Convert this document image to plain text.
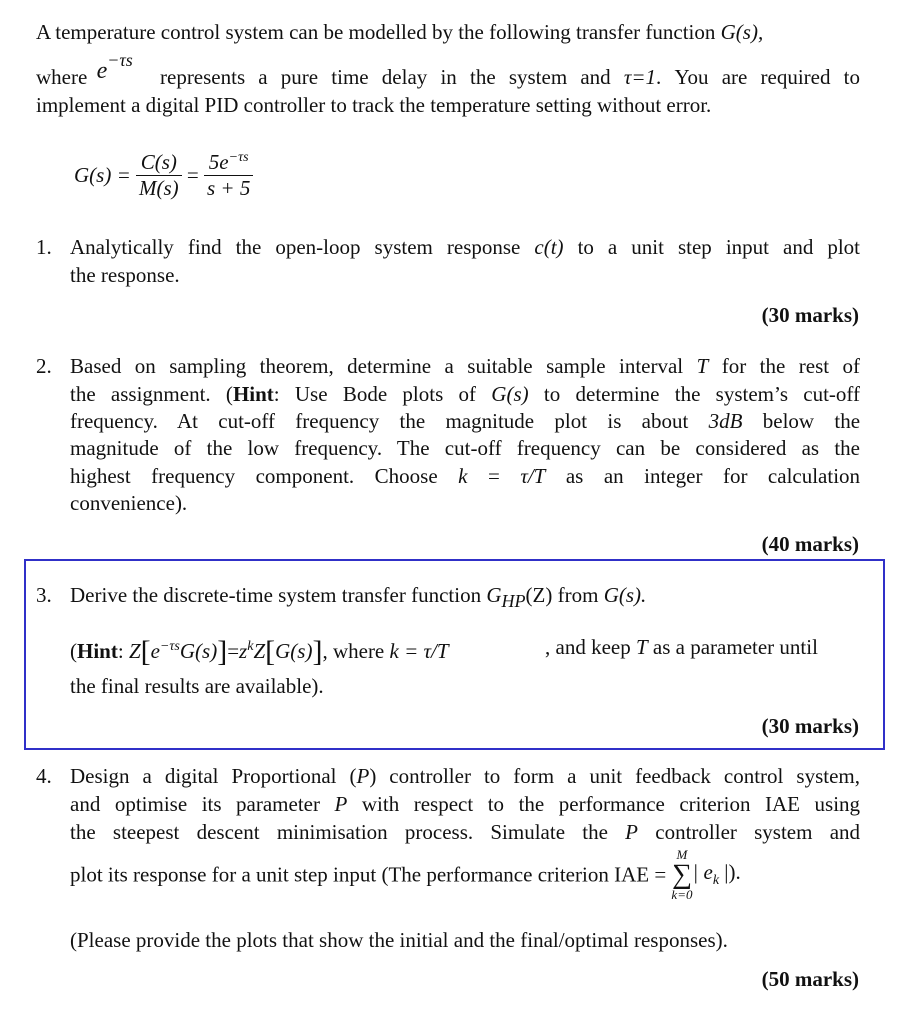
A temperature control system can be modelled by the following transfer function G(s),
where e−τs
represents a pure time delay in the system and τ=1. You are required to
implement a digital PID controller to track the temperature setting without error.
$G(s) = \frac{C(s)}{M(s)} = \frac{5e^{-\tau s}}{s + 5}$
1. Analytically find the open-loop system response c(t) to a unit step input and plot
the response.
(30 marks)
2. Based on sampling theorem, determine a suitable sample interval T for the rest of
the assignment. (Hint: Use Bode plots of G(s) to determine the system’s cut-off
frequency. At cut-off frequency the magnitude plot is about 3dB below the
magnitude of the low frequency. The cut-off frequency can be considered as the
highest frequency component. Choose k = τ/T as an integer for calculation
convenience).
(40 marks)
3. Derive the discrete-time system transfer function $G_{HP}(Z)$ from G(s).
(Hint: $Z[e^{-\tau s}G(s)]=z^kZ[G(s)]$, where k = τ/T	, and keep T as a parameter until
the final results are available).
(30 marks)
4. Design a digital Proportional (P) controller to form a unit feedback control system,
and optimise its parameter P with respect to the performance criterion IAE using
the steepest descent minimisation process. Simulate the P controller system and
plot its response for a unit step input (The performance criterion IAE =
M
∑
k=0
| $e_k$ |).
(Please provide the plots that show the initial and the final/optimal responses).
(50 marks)
